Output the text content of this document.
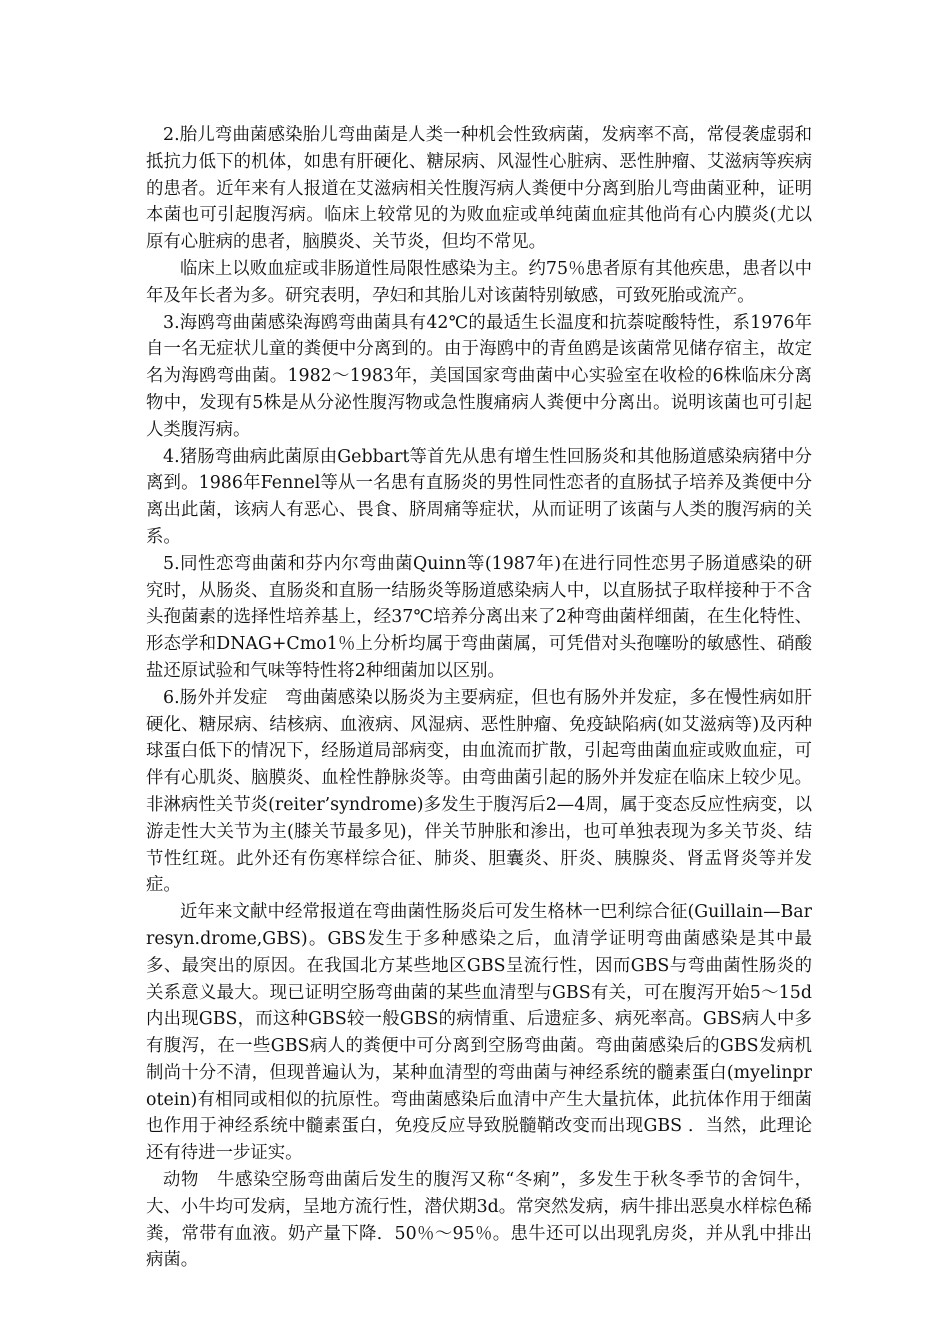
2.胎儿弯曲菌感染胎儿弯曲菌是人类一种机会性致病菌，发病率不高，常侵袭虚弱和抵抗力低下的机体，如患有肝硬化、糖尿病、风湿性心脏病、恶性肿瘤、艾滋病等疾病的患者。近年来有人报道在艾滋病相关性腹泻病人粪便中分离到胎儿弯曲菌亚种，证明本菌也可引起腹泻病。临床上较常见的为败血症或单纯菌血症其他尚有心内膜炎(尤以原有心脏病的患者，脑膜炎、关节炎，但均不常见。

临床上以败血症或非肠道性局限性感染为主。约75％患者原有其他疾患，患者以中年及年长者为多。研究表明，孕妇和其胎儿对该菌特别敏感，可致死胎或流产。

3.海鸥弯曲菌感染海鸥弯曲菌具有42℃的最适生长温度和抗萘啶酸特性，系1976年自一名无症状儿童的粪便中分离到的。由于海鸥中的青鱼鸥是该菌常见储存宿主，故定名为海鸥弯曲菌。1982～1983年，美国国家弯曲菌中心实验室在收检的6株临床分离物中，发现有5株是从分泌性腹泻物或急性腹痛病人粪便中分离出。说明该菌也可引起人类腹泻病。

4.猪肠弯曲病此菌原由Gebbart等首先从患有增生性回肠炎和其他肠道感染病猪中分离到。1986年Fennel等从一名患有直肠炎的男性同性恋者的直肠拭子培养及粪便中分离出此菌，该病人有恶心、畏食、脐周痛等症状，从而证明了该菌与人类的腹泻病的关系。

5.同性恋弯曲菌和芬内尔弯曲菌Quinn等(1987年)在进行同性恋男子肠道感染的研究时，从肠炎、直肠炎和直肠一结肠炎等肠道感染病人中，以直肠拭子取样接种于不含头孢菌素的选择性培养基上，经37℃培养分离出来了2种弯曲菌样细菌，在生化特性、形态学和DNAG+Cmo1％上分析均属于弯曲菌属，可凭借对头孢噻吩的敏感性、硝酸盐还原试验和气味等特性将2种细菌加以区别。

6.肠外并发症　弯曲菌感染以肠炎为主要病症，但也有肠外并发症，多在慢性病如肝硬化、糖尿病、结核病、血液病、风湿病、恶性肿瘤、免疫缺陷病(如艾滋病等)及丙种球蛋白低下的情况下，经肠道局部病变，由血流而扩散，引起弯曲菌血症或败血症，可伴有心肌炎、脑膜炎、血栓性静脉炎等。由弯曲菌引起的肠外并发症在临床上较少见。非淋病性关节炎(reiter’syndrome)多发生于腹泻后2—4周，属于变态反应性病变，以游走性大关节为主(膝关节最多见)，伴关节肿胀和渗出，也可单独表现为多关节炎、结节性红斑。此外还有伤寒样综合征、肺炎、胆囊炎、肝炎、胰腺炎、肾盂肾炎等并发症。

近年来文献中经常报道在弯曲菌性肠炎后可发生格林一巴利综合征(Guillain—Barresyn.drome,GBS)。GBS发生于多种感染之后，血清学证明弯曲菌感染是其中最多、最突出的原因。在我国北方某些地区GBS呈流行性，因而GBS与弯曲菌性肠炎的关系意义最大。现已证明空肠弯曲菌的某些血清型与GBS有关，可在腹泻开始5～15d内出现GBS，而这种GBS较一般GBS的病情重、后遗症多、病死率高。GBS病人中多有腹泻，在一些GBS病人的粪便中可分离到空肠弯曲菌。弯曲菌感染后的GBS发病机制尚十分不清，但现普遍认为，某种血清型的弯曲菌与神经系统的髓素蛋白(myelinprotein)有相同或相似的抗原性。弯曲菌感染后血清中产生大量抗体，此抗体作用于细菌也作用于神经系统中髓素蛋白，免疫反应导致脱髓鞘改变而出现GBS ．当然，此理论还有待进一步证实。

动物　牛感染空肠弯曲菌后发生的腹泻又称“冬痢”，多发生于秋冬季节的舍饲牛，大、小牛均可发病，呈地方流行性，潜伏期3d。常突然发病，病牛排出恶臭水样棕色稀粪，常带有血液。奶产量下降．50％～95％。患牛还可以出现乳房炎，并从乳中排出病菌。
